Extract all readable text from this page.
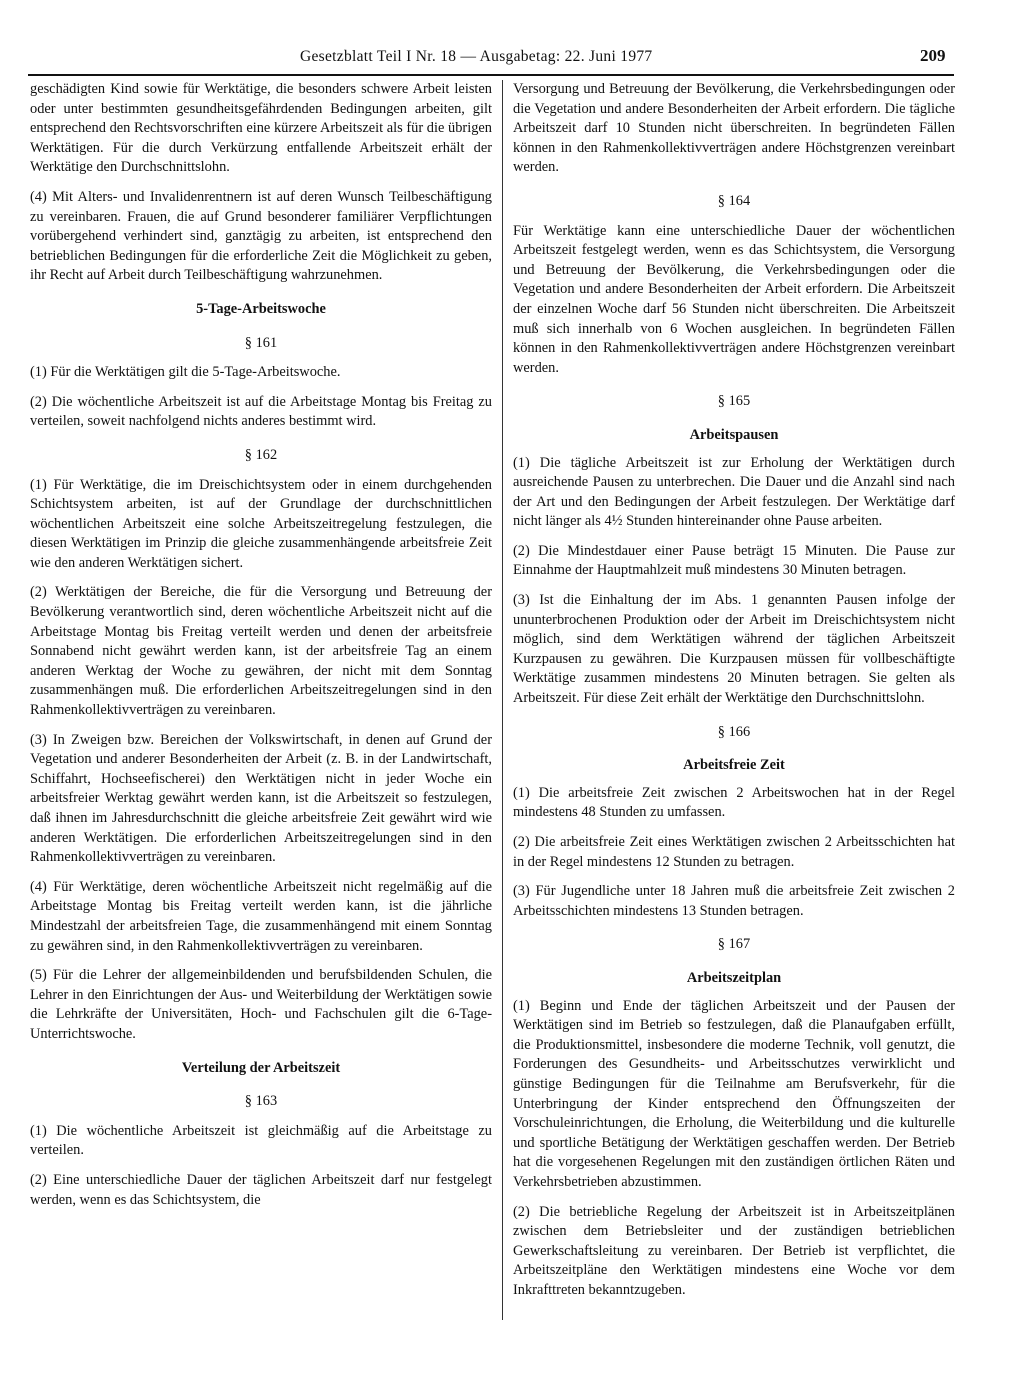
Gesetzblatt Teil I Nr. 18 — Ausgabetag: 22. Juni 1977	209

geschädigten Kind sowie für Werktätige, die besonders schwere Arbeit leisten oder unter bestimmten gesundheitsgefährdenden Bedingungen arbeiten, gilt entsprechend den Rechtsvorschriften eine kürzere Arbeitszeit als für die übrigen Werktätigen. Für die durch Verkürzung entfallende Arbeitszeit erhält der Werktätige den Durchschnittslohn.

(4) Mit Alters- und Invalidenrentnern ist auf deren Wunsch Teilbeschäftigung zu vereinbaren. Frauen, die auf Grund besonderer familiärer Verpflichtungen vorübergehend verhindert sind, ganztägig zu arbeiten, ist entsprechend den betrieblichen Bedingungen für die erforderliche Zeit die Möglichkeit zu geben, ihr Recht auf Arbeit durch Teilbeschäftigung wahrzunehmen.

5-Tage-Arbeitswoche
§ 161

(1) Für die Werktätigen gilt die 5-Tage-Arbeitswoche.

(2) Die wöchentliche Arbeitszeit ist auf die Arbeitstage Montag bis Freitag zu verteilen, soweit nachfolgend nichts anderes bestimmt wird.

§ 162

(1) Für Werktätige, die im Dreischichtsystem oder in einem durchgehenden Schichtsystem arbeiten, ist auf der Grundlage der durchschnittlichen wöchentlichen Arbeitszeit eine solche Arbeitszeitregelung festzulegen, die diesen Werktätigen im Prinzip die gleiche zusammenhängende arbeitsfreie Zeit wie den anderen Werktätigen sichert.

(2) Werktätigen der Bereiche, die für die Versorgung und Betreuung der Bevölkerung verantwortlich sind, deren wöchentliche Arbeitszeit nicht auf die Arbeitstage Montag bis Freitag verteilt werden und denen der arbeitsfreie Sonnabend nicht gewährt werden kann, ist der arbeitsfreie Tag an einem anderen Werktag der Woche zu gewähren, der nicht mit dem Sonntag zusammenhängen muß. Die erforderlichen Arbeitszeitregelungen sind in den Rahmenkollektivverträgen zu vereinbaren.

(3) In Zweigen bzw. Bereichen der Volkswirtschaft, in denen auf Grund der Vegetation und anderer Besonderheiten der Arbeit (z. B. in der Landwirtschaft, Schiffahrt, Hochseefischerei) den Werktätigen nicht in jeder Woche ein arbeitsfreier Werktag gewährt werden kann, ist die Arbeitszeit so festzulegen, daß ihnen im Jahresdurchschnitt die gleiche arbeitsfreie Zeit gewährt wird wie anderen Werktätigen. Die erforderlichen Arbeitszeitregelungen sind in den Rahmenkollektivverträgen zu vereinbaren.

(4) Für Werktätige, deren wöchentliche Arbeitszeit nicht regelmäßig auf die Arbeitstage Montag bis Freitag verteilt werden kann, ist die jährliche Mindestzahl der arbeitsfreien Tage, die zusammenhängend mit einem Sonntag zu gewähren sind, in den Rahmenkollektivverträgen zu vereinbaren.

(5) Für die Lehrer der allgemeinbildenden und berufsbildenden Schulen, die Lehrer in den Einrichtungen der Aus- und Weiterbildung der Werktätigen sowie die Lehrkräfte der Universitäten, Hoch- und Fachschulen gilt die 6-Tage-Unterrichtswoche.

Verteilung der Arbeitszeit
§ 163

(1) Die wöchentliche Arbeitszeit ist gleichmäßig auf die Arbeitstage zu verteilen.

(2) Eine unterschiedliche Dauer der täglichen Arbeitszeit darf nur festgelegt werden, wenn es das Schichtsystem, die

Versorgung und Betreuung der Bevölkerung, die Verkehrsbedingungen oder die Vegetation und andere Besonderheiten der Arbeit erfordern. Die tägliche Arbeitszeit darf 10 Stunden nicht überschreiten. In begründeten Fällen können in den Rahmenkollektivverträgen andere Höchstgrenzen vereinbart werden.

§ 164

Für Werktätige kann eine unterschiedliche Dauer der wöchentlichen Arbeitszeit festgelegt werden, wenn es das Schichtsystem, die Versorgung und Betreuung der Bevölkerung, die Verkehrsbedingungen oder die Vegetation und andere Besonderheiten der Arbeit erfordern. Die Arbeitszeit der einzelnen Woche darf 56 Stunden nicht überschreiten. Die Arbeitszeit muß sich innerhalb von 6 Wochen ausgleichen. In begründeten Fällen können in den Rahmenkollektivverträgen andere Höchstgrenzen vereinbart werden.

§ 165
Arbeitspausen

(1) Die tägliche Arbeitszeit ist zur Erholung der Werktätigen durch ausreichende Pausen zu unterbrechen. Die Dauer und die Anzahl sind nach der Art und den Bedingungen der Arbeit festzulegen. Der Werktätige darf nicht länger als 4½ Stunden hintereinander ohne Pause arbeiten.

(2) Die Mindestdauer einer Pause beträgt 15 Minuten. Die Pause zur Einnahme der Hauptmahlzeit muß mindestens 30 Minuten betragen.

(3) Ist die Einhaltung der im Abs. 1 genannten Pausen infolge der ununterbrochenen Produktion oder der Arbeit im Dreischichtsystem nicht möglich, sind dem Werktätigen während der täglichen Arbeitszeit Kurzpausen zu gewähren. Die Kurzpausen müssen für vollbeschäftigte Werktätige zusammen mindestens 20 Minuten betragen. Sie gelten als Arbeitszeit. Für diese Zeit erhält der Werktätige den Durchschnittslohn.

§ 166
Arbeitsfreie Zeit

(1) Die arbeitsfreie Zeit zwischen 2 Arbeitswochen hat in der Regel mindestens 48 Stunden zu umfassen.

(2) Die arbeitsfreie Zeit eines Werktätigen zwischen 2 Arbeitsschichten hat in der Regel mindestens 12 Stunden zu betragen.

(3) Für Jugendliche unter 18 Jahren muß die arbeitsfreie Zeit zwischen 2 Arbeitsschichten mindestens 13 Stunden betragen.

§ 167
Arbeitszeitplan

(1) Beginn und Ende der täglichen Arbeitszeit und der Pausen der Werktätigen sind im Betrieb so festzulegen, daß die Planaufgaben erfüllt, die Produktionsmittel, insbesondere die moderne Technik, voll genutzt, die Forderungen des Gesundheits- und Arbeitsschutzes verwirklicht und günstige Bedingungen für die Teilnahme am Berufsverkehr, für die Unterbringung der Kinder entsprechend den Öffnungszeiten der Vorschuleinrichtungen, die Erholung, die Weiterbildung und die kulturelle und sportliche Betätigung der Werktätigen geschaffen werden. Der Betrieb hat die vorgesehenen Regelungen mit den zuständigen örtlichen Räten und Verkehrsbetrieben abzustimmen.

(2) Die betriebliche Regelung der Arbeitszeit ist in Arbeitszeitplänen zwischen dem Betriebsleiter und der zuständigen betrieblichen Gewerkschaftsleitung zu vereinbaren. Der Betrieb ist verpflichtet, die Arbeitszeitpläne den Werktätigen mindestens eine Woche vor dem Inkrafttreten bekanntzugeben.
